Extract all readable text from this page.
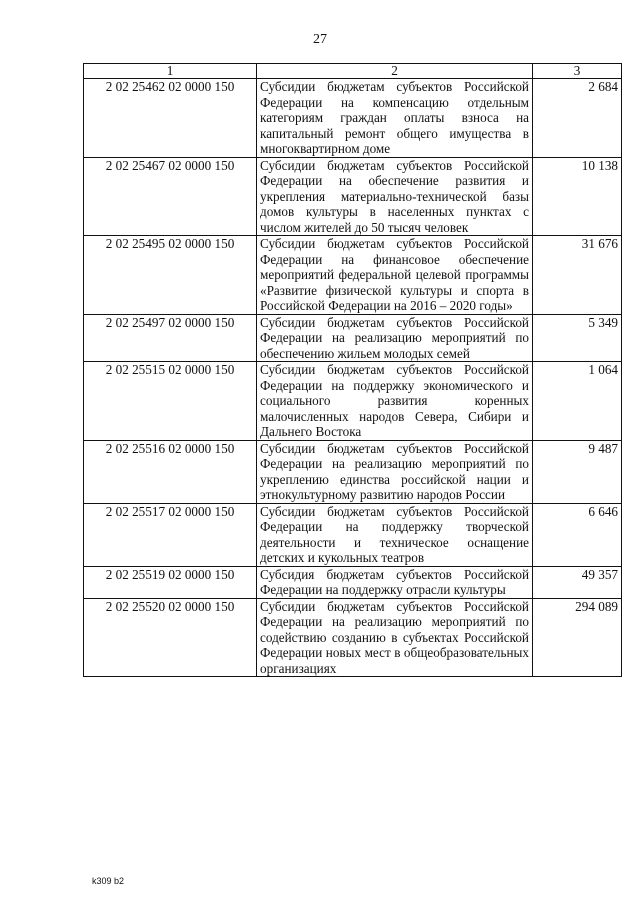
27
1	2	3
2 02 25462 02 0000 150	Субсидии бюджетам субъектов Российской Федерации на компенсацию отдельным категориям граждан оплаты взноса на капитальный ремонт общего имущества в многоквартирном доме	2 684
2 02 25467 02 0000 150	Субсидии бюджетам субъектов Российской Федерации на обеспечение развития и укрепления материально-технической базы домов культуры в населенных пунктах с числом жителей до 50 тысяч человек	10 138
2 02 25495 02 0000 150	Субсидии бюджетам субъектов Российской Федерации на финансовое обеспечение мероприятий федеральной целевой программы «Развитие физической культуры и спорта в Российской Федерации на 2016 – 2020 годы»	31 676
2 02 25497 02 0000 150	Субсидии бюджетам субъектов Российской Федерации на реализацию мероприятий по обеспечению жильем молодых семей	5 349
2 02 25515 02 0000 150	Субсидии бюджетам субъектов Российской Федерации на поддержку экономического и социального развития коренных малочисленных народов Севера, Сибири и Дальнего Востока	1 064
2 02 25516 02 0000 150	Субсидии бюджетам субъектов Российской Федерации на реализацию мероприятий по укреплению единства российской нации и этнокультурному развитию народов России	9 487
2 02 25517 02 0000 150	Субсидии бюджетам субъектов Российской Федерации на поддержку творческой деятельности и техническое оснащение детских и кукольных театров	6 646
2 02 25519 02 0000 150	Субсидия бюджетам субъектов Российской Федерации на поддержку отрасли культуры	49 357
2 02 25520 02 0000 150	Субсидии бюджетам субъектов Российской Федерации на реализацию мероприятий по содействию созданию в субъектах Российской Федерации новых мест в общеобразовательных организациях	294 089
k309 b2
